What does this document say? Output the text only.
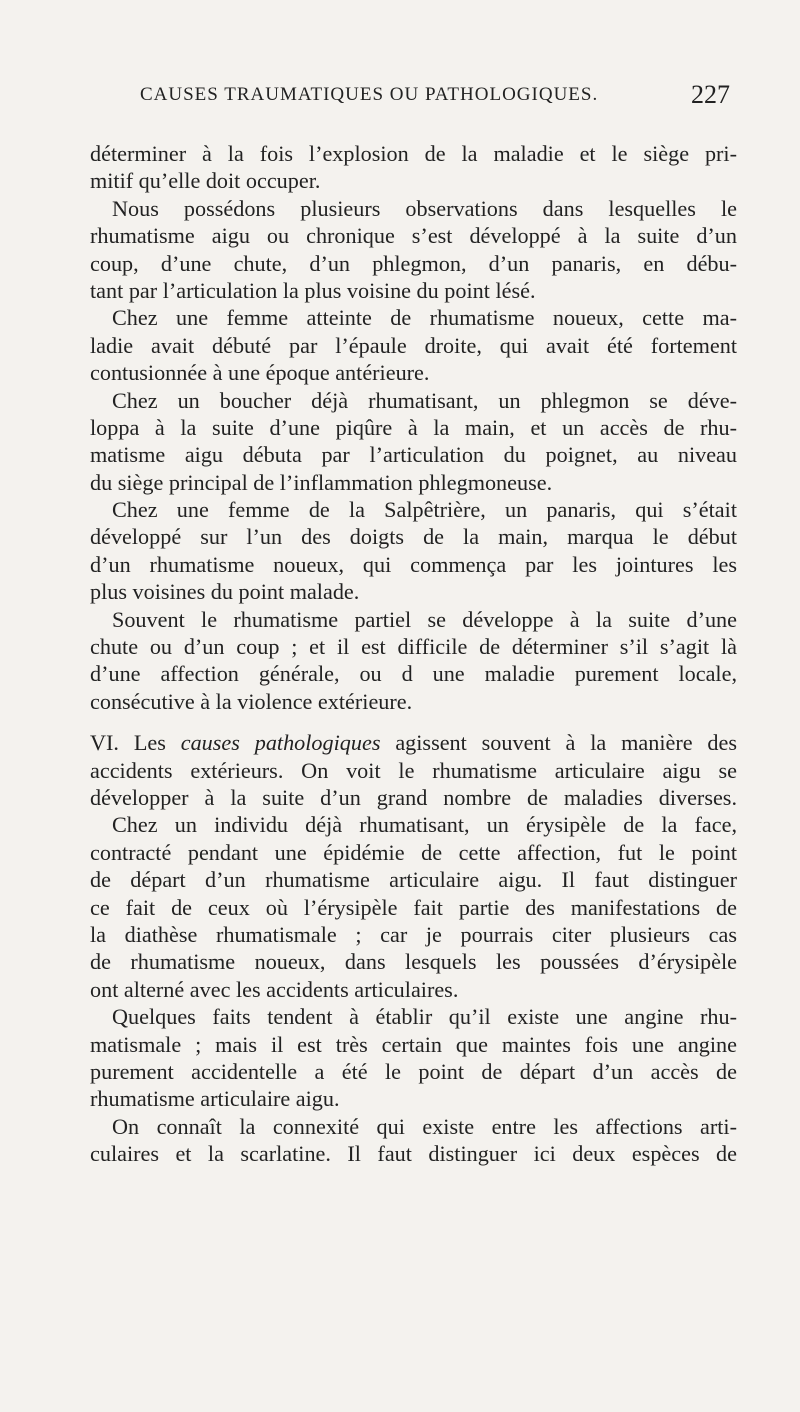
CAUSES TRAUMATIQUES OU PATHOLOGIQUES.	227
déterminer à la fois l’explosion de la maladie et le siège pri-
mitif qu’elle doit occuper.
Nous possédons plusieurs observations dans lesquelles le
rhumatisme aigu ou chronique s’est développé à la suite d’un
coup, d’une chute, d’un phlegmon, d’un panaris, en débu-
tant par l’articulation la plus voisine du point lésé.
Chez une femme atteinte de rhumatisme noueux, cette ma-
ladie avait débuté par l’épaule droite, qui avait été fortement
contusionnée à une époque antérieure.
Chez un boucher déjà rhumatisant, un phlegmon se déve-
loppa à la suite d’une piqûre à la main, et un accès de rhu-
matisme aigu débuta par l’articulation du poignet, au niveau
du siège principal de l’inflammation phlegmoneuse.
Chez une femme de la Salpêtrière, un panaris, qui s’était
développé sur l’un des doigts de la main, marqua le début
d’un rhumatisme noueux, qui commença par les jointures les
plus voisines du point malade.
Souvent le rhumatisme partiel se développe à la suite d’une
chute ou d’un coup ; et il est difficile de déterminer s’il s’agit là
d’une affection générale, ou d une maladie purement locale,
consécutive à la violence extérieure.
VI. Les causes pathologiques agissent souvent à la manière des
accidents extérieurs. On voit le rhumatisme articulaire aigu se
développer à la suite d’un grand nombre de maladies diverses.
Chez un individu déjà rhumatisant, un érysipèle de la face,
contracté pendant une épidémie de cette affection, fut le point
de départ d’un rhumatisme articulaire aigu. Il faut distinguer
ce fait de ceux où l’érysipèle fait partie des manifestations de
la diathèse rhumatismale ; car je pourrais citer plusieurs cas
de rhumatisme noueux, dans lesquels les poussées d’érysipèle
ont alterné avec les accidents articulaires.
Quelques faits tendent à établir qu’il existe une angine rhu-
matismale ; mais il est très certain que maintes fois une angine
purement accidentelle a été le point de départ d’un accès de
rhumatisme articulaire aigu.
On connaît la connexité qui existe entre les affections arti-
culaires et la scarlatine. Il faut distinguer ici deux espèces de
